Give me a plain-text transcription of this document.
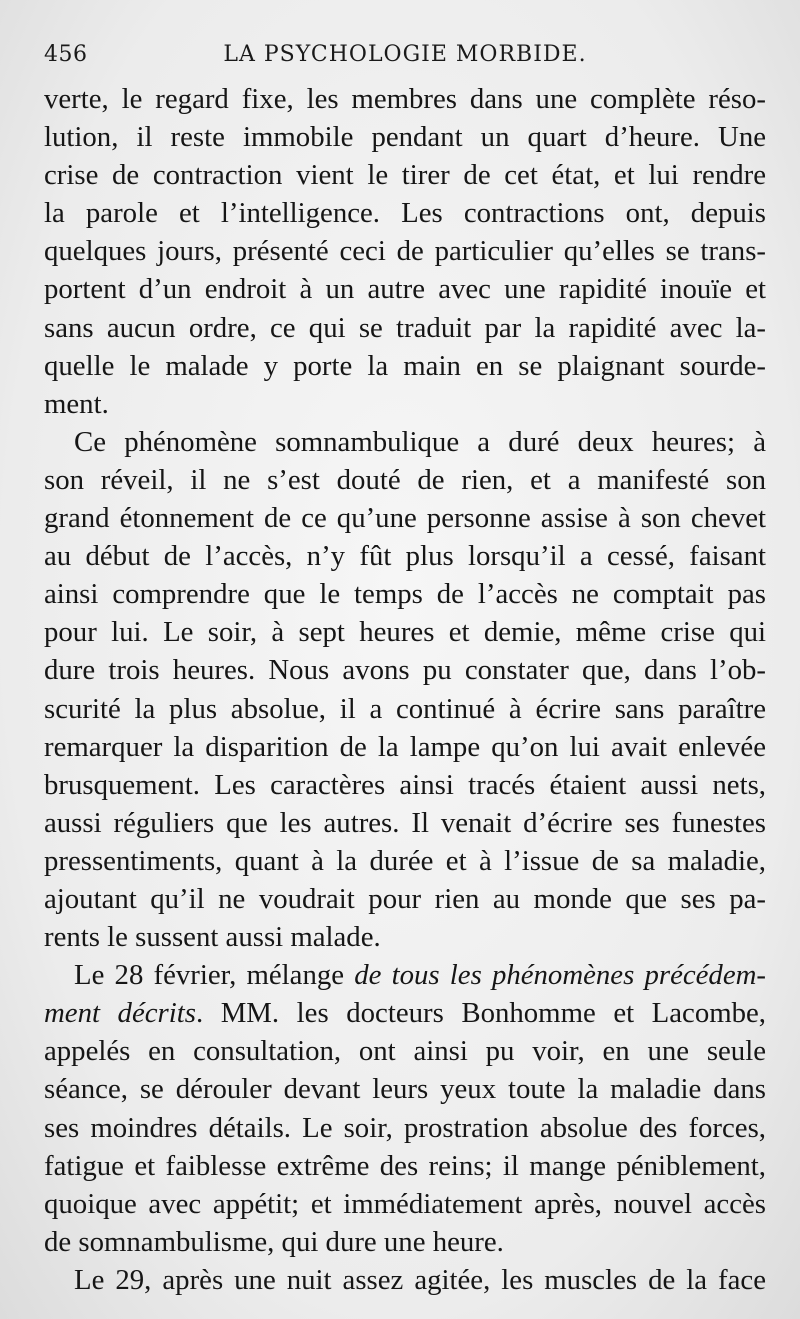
456	LA PSYCHOLOGIE MORBIDE.
verte, le regard fixe, les membres dans une complète réso-
lution, il reste immobile pendant un quart d’heure. Une
crise de contraction vient le tirer de cet état, et lui rendre
la parole et l’intelligence. Les contractions ont, depuis
quelques jours, présenté ceci de particulier qu’elles se trans-
portent d’un endroit à un autre avec une rapidité inouïe et
sans aucun ordre, ce qui se traduit par la rapidité avec la-
quelle le malade y porte la main en se plaignant sourde-
ment.
Ce phénomène somnambulique a duré deux heures; à
son réveil, il ne s’est douté de rien, et a manifesté son
grand étonnement de ce qu’une personne assise à son chevet
au début de l’accès, n’y fût plus lorsqu’il a cessé, faisant
ainsi comprendre que le temps de l’accès ne comptait pas
pour lui. Le soir, à sept heures et demie, même crise qui
dure trois heures. Nous avons pu constater que, dans l’ob-
scurité la plus absolue, il a continué à écrire sans paraître
remarquer la disparition de la lampe qu’on lui avait enlevée
brusquement. Les caractères ainsi tracés étaient aussi nets,
aussi réguliers que les autres. Il venait d’écrire ses funestes
pressentiments, quant à la durée et à l’issue de sa maladie,
ajoutant qu’il ne voudrait pour rien au monde que ses pa-
rents le sussent aussi malade.
Le 28 février, mélange de tous les phénomènes précédem-
ment décrits. MM. les docteurs Bonhomme et Lacombe,
appelés en consultation, ont ainsi pu voir, en une seule
séance, se dérouler devant leurs yeux toute la maladie dans
ses moindres détails. Le soir, prostration absolue des forces,
fatigue et faiblesse extrême des reins; il mange péniblement,
quoique avec appétit; et immédiatement après, nouvel accès
de somnambulisme, qui dure une heure.
Le 29, après une nuit assez agitée, les muscles de la face
